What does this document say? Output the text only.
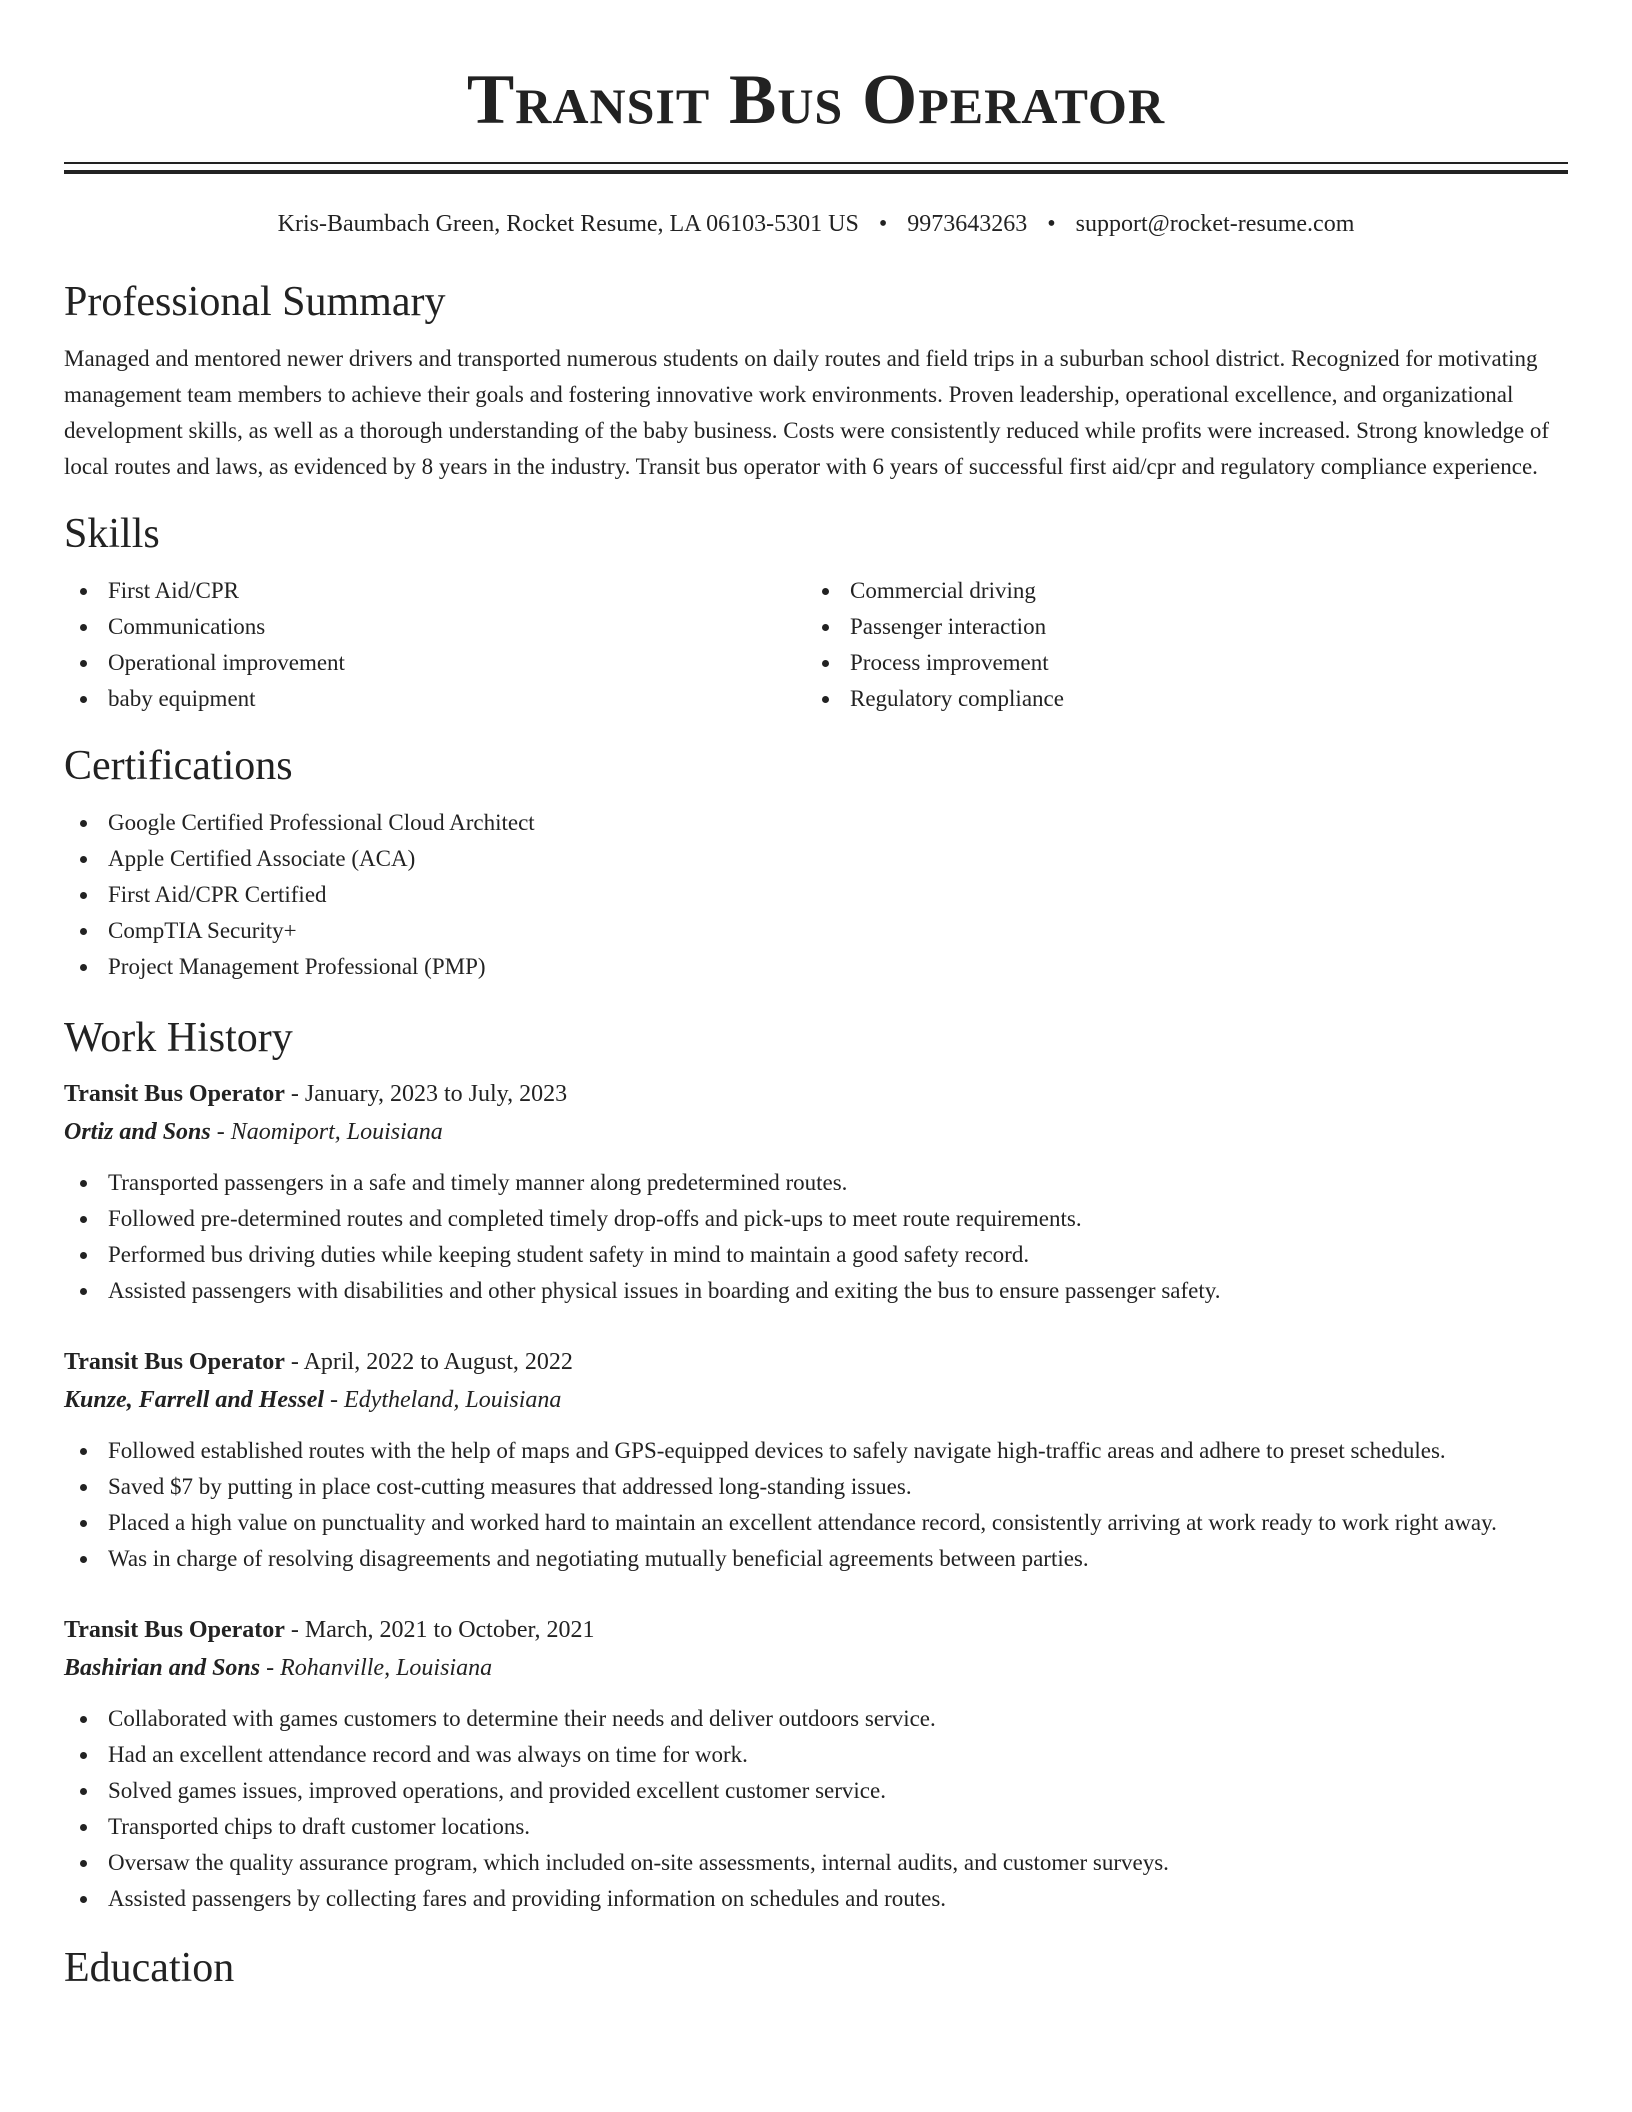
Transit Bus Operator
Kris-Baumbach Green, Rocket Resume, LA 06103-5301 US • 9973643263 • support@rocket-resume.com
Professional Summary

Managed and mentored newer drivers and transported numerous students on daily routes and field trips in a suburban school district. Recognized for motivating management team members to achieve their goals and fostering innovative work environments. Proven leadership, operational excellence, and organizational development skills, as well as a thorough understanding of the baby business. Costs were consistently reduced while profits were increased. Strong knowledge of local routes and laws, as evidenced by 8 years in the industry. Transit bus operator with 6 years of successful first aid/cpr and regulatory compliance experience.

Skills
First Aid/CPR
Communications
Operational improvement
baby equipment
Commercial driving
Passenger interaction
Process improvement
Regulatory compliance
Certifications
Google Certified Professional Cloud Architect
Apple Certified Associate (ACA)
First Aid/CPR Certified
CompTIA Security+
Project Management Professional (PMP)
Work History
Transit Bus Operator - January, 2023 to July, 2023
Ortiz and Sons - Naomiport, Louisiana
Transported passengers in a safe and timely manner along predetermined routes.
Followed pre-determined routes and completed timely drop-offs and pick-ups to meet route requirements.
Performed bus driving duties while keeping student safety in mind to maintain a good safety record.
Assisted passengers with disabilities and other physical issues in boarding and exiting the bus to ensure passenger safety.
Transit Bus Operator - April, 2022 to August, 2022
Kunze, Farrell and Hessel - Edytheland, Louisiana
Followed established routes with the help of maps and GPS-equipped devices to safely navigate high-traffic areas and adhere to preset schedules.
Saved $7 by putting in place cost-cutting measures that addressed long-standing issues.
Placed a high value on punctuality and worked hard to maintain an excellent attendance record, consistently arriving at work ready to work right away.
Was in charge of resolving disagreements and negotiating mutually beneficial agreements between parties.
Transit Bus Operator - March, 2021 to October, 2021
Bashirian and Sons - Rohanville, Louisiana
Collaborated with games customers to determine their needs and deliver outdoors service.
Had an excellent attendance record and was always on time for work.
Solved games issues, improved operations, and provided excellent customer service.
Transported chips to draft customer locations.
Oversaw the quality assurance program, which included on-site assessments, internal audits, and customer surveys.
Assisted passengers by collecting fares and providing information on schedules and routes.
Education
